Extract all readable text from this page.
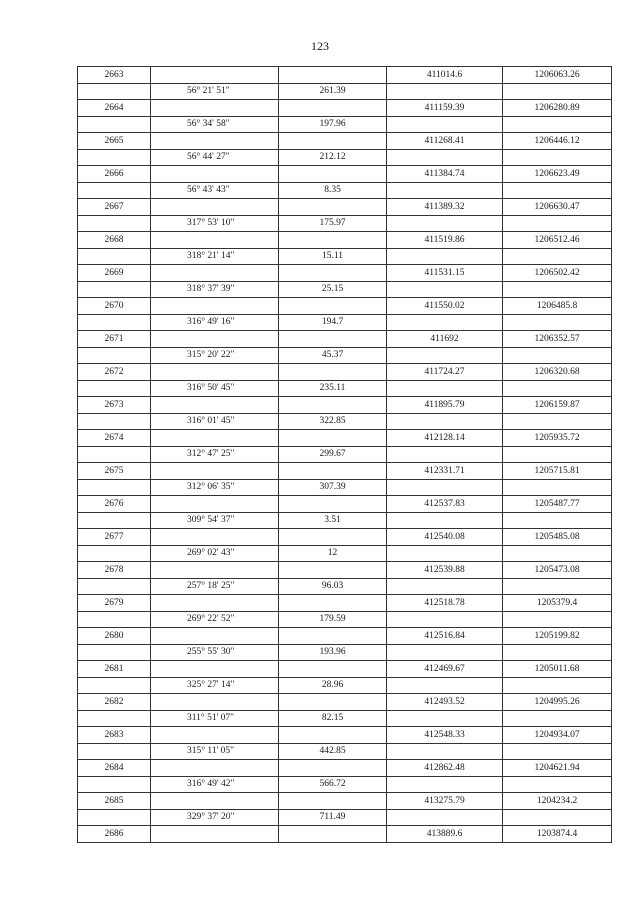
123
2663			411014.6	1206063.26
	56° 21' 51"	261.39		
2664			411159.39	1206280.89
	56° 34' 58"	197.96		
2665			411268.41	1206446.12
	56° 44' 27"	212.12		
2666			411384.74	1206623.49
	56° 43' 43"	8.35		
2667			411389.32	1206630.47
	317° 53' 10"	175.97		
2668			411519.86	1206512.46
	318° 21' 14"	15.11		
2669			411531.15	1206502.42
	318° 37' 39"	25.15		
2670			411550.02	1206485.8
	316° 49' 16"	194.7		
2671			411692	1206352.57
	315° 20' 22"	45.37		
2672			411724.27	1206320.68
	316° 50' 45"	235.11		
2673			411895.79	1206159.87
	316° 01' 45"	322.85		
2674			412128.14	1205935.72
	312° 47' 25"	299.67		
2675			412331.71	1205715.81
	312° 06' 35"	307.39		
2676			412537.83	1205487.77
	309° 54' 37"	3.51		
2677			412540.08	1205485.08
	269° 02' 43"	12		
2678			412539.88	1205473.08
	257° 18' 25"	96.03		
2679			412518.78	1205379.4
	269° 22' 52"	179.59		
2680			412516.84	1205199.82
	255° 55' 30"	193.96		
2681			412469.67	1205011.68
	325° 27' 14"	28.96		
2682			412493.52	1204995.26
	311° 51' 07"	82.15		
2683			412548.33	1204934.07
	315° 11' 05"	442.85		
2684			412862.48	1204621.94
	316° 49' 42"	566.72		
2685			413275.79	1204234.2
	329° 37' 20"	711.49		
2686			413889.6	1203874.4
